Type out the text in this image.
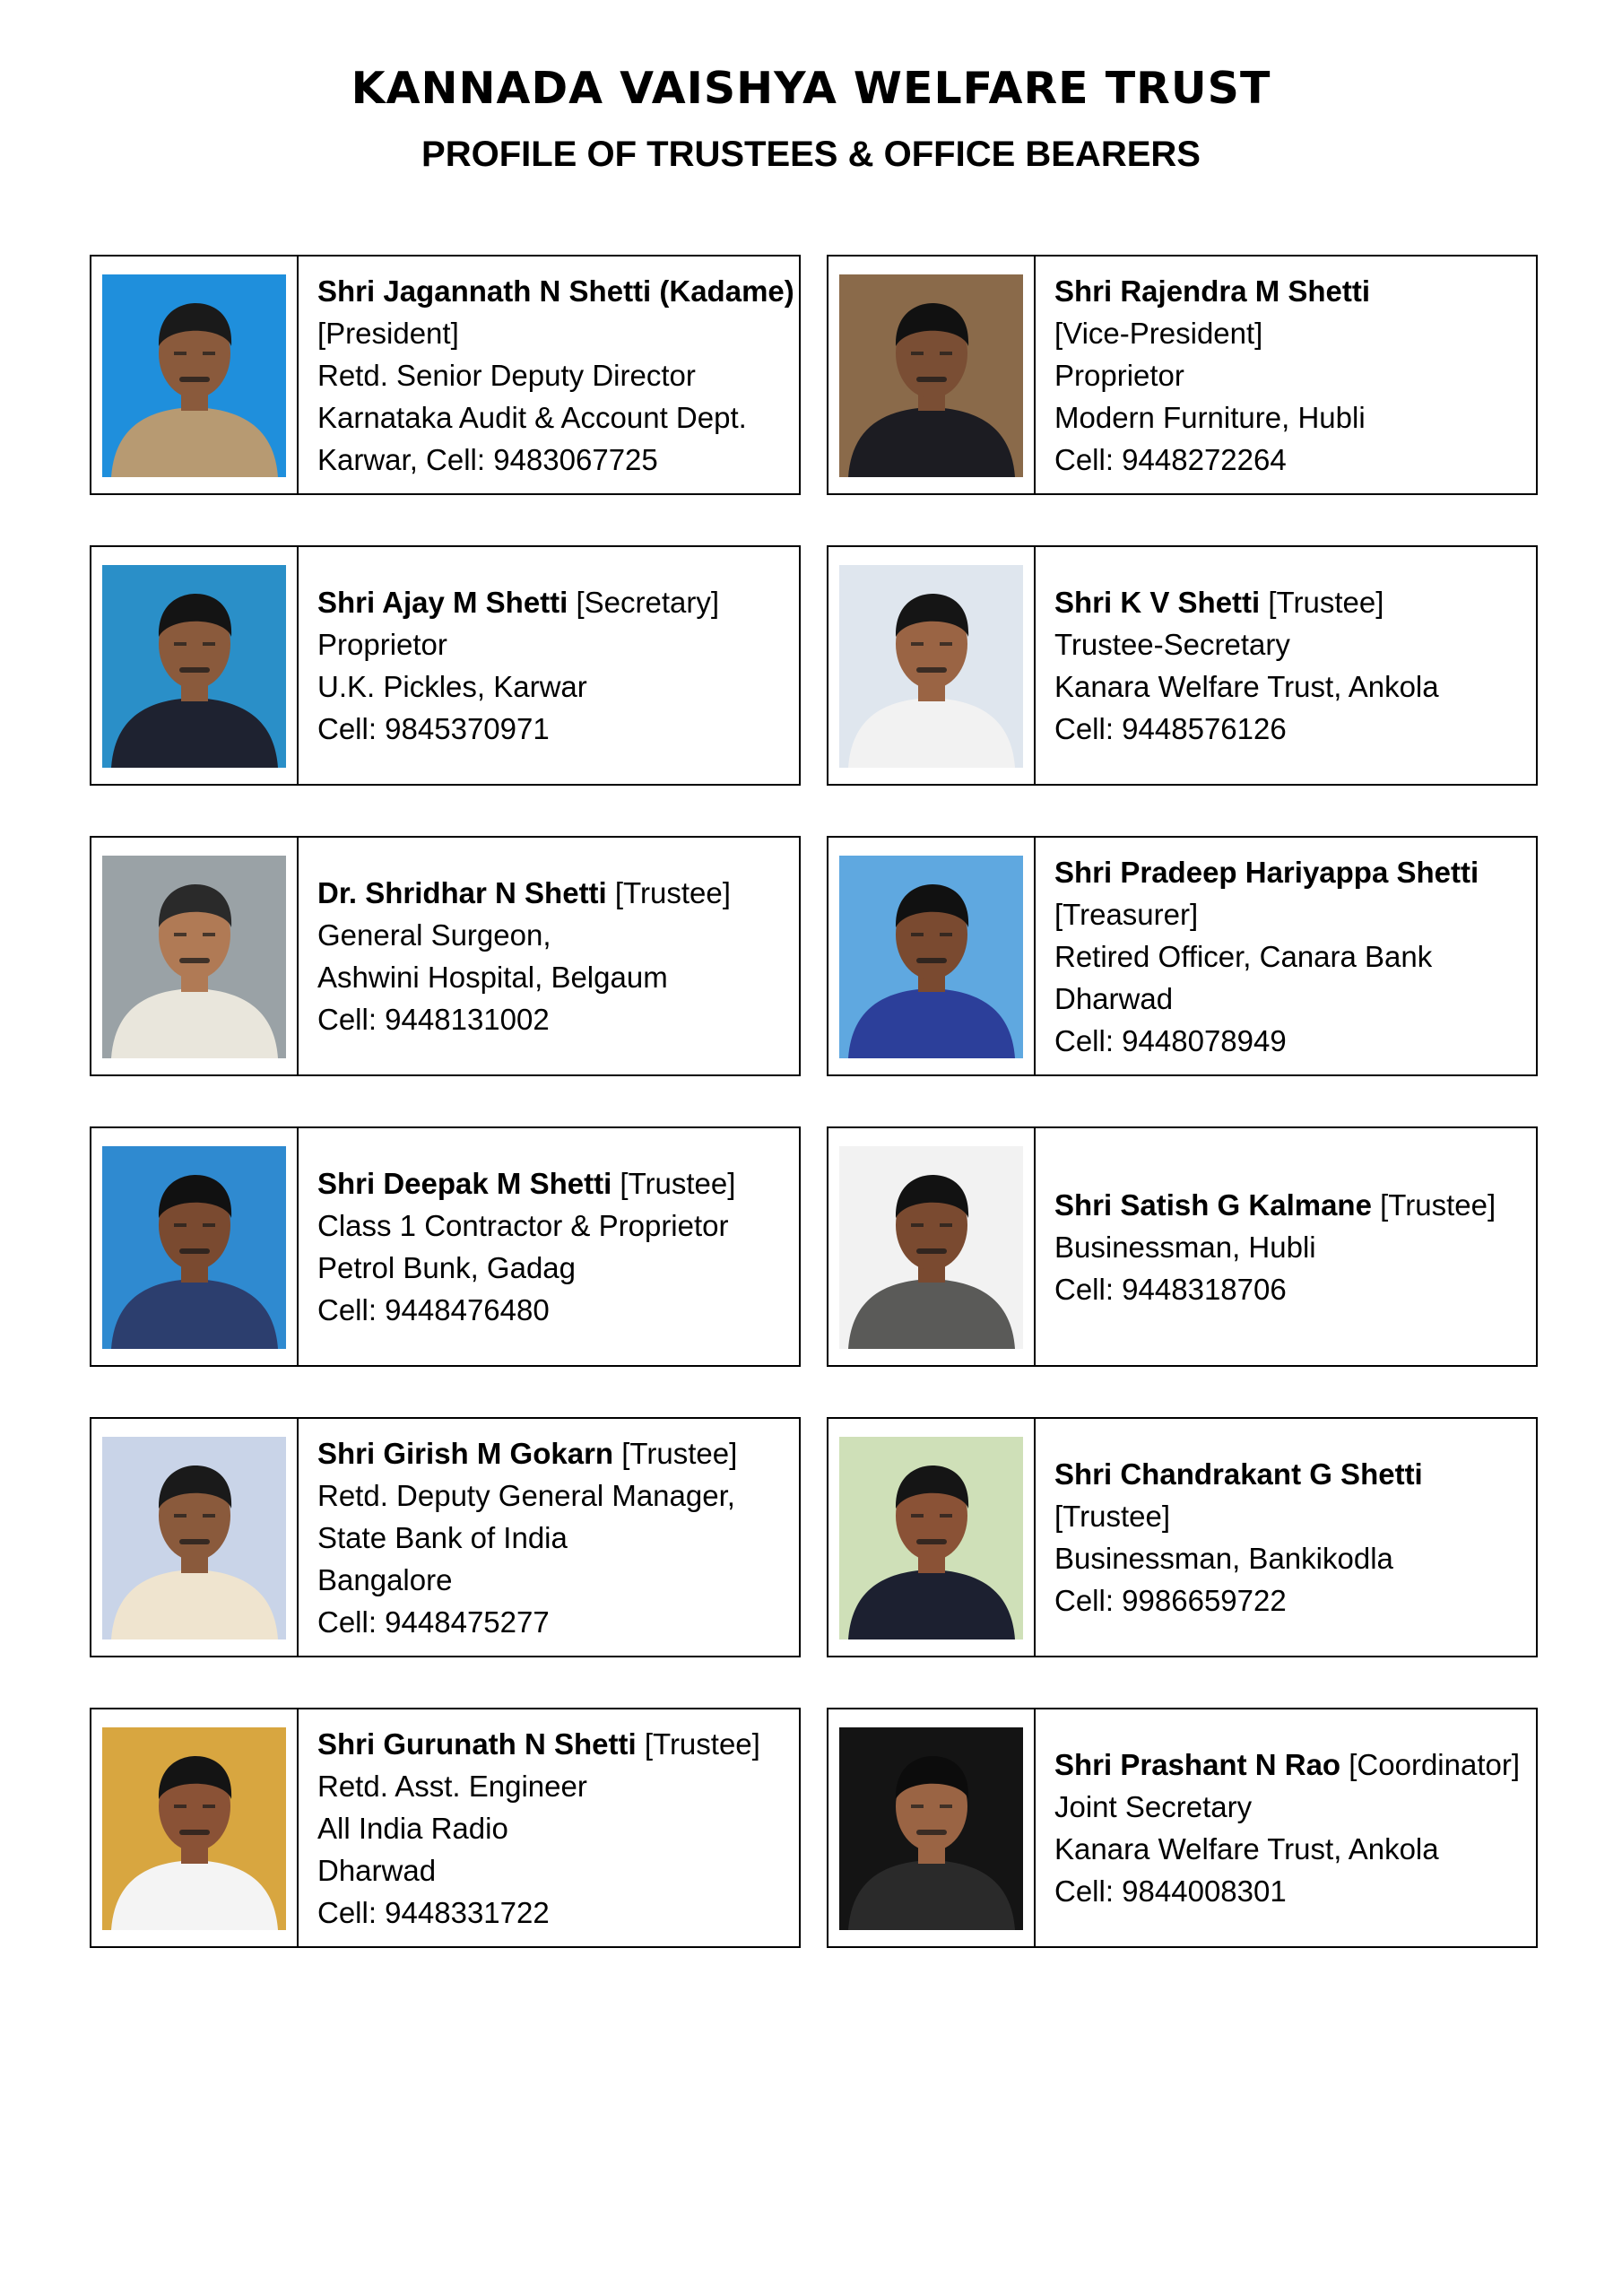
KANNADA VAISHYA WELFARE TRUST
PROFILE OF TRUSTEES & OFFICE BEARERS
Shri Jagannath N Shetti (Kadame)
[President]
Retd. Senior Deputy Director
Karnataka Audit & Account Dept.
Karwar, Cell: 9483067725
Shri Rajendra M Shetti
[Vice-President]
Proprietor
Modern Furniture, Hubli
Cell: 9448272264
Shri Ajay M Shetti [Secretary]
Proprietor
U.K. Pickles, Karwar
Cell: 9845370971
Shri K V Shetti [Trustee]
Trustee-Secretary
Kanara Welfare Trust, Ankola
Cell: 9448576126
Dr. Shridhar N Shetti [Trustee]
General Surgeon,
Ashwini Hospital, Belgaum
Cell: 9448131002
Shri Pradeep Hariyappa Shetti
[Treasurer]
Retired Officer, Canara Bank
Dharwad
Cell: 9448078949
Shri Deepak M Shetti [Trustee]
Class 1 Contractor & Proprietor
Petrol Bunk, Gadag
Cell: 9448476480
Shri Satish G Kalmane [Trustee]
Businessman, Hubli
Cell: 9448318706
Shri Girish M Gokarn [Trustee]
Retd. Deputy General Manager,
State Bank of India
Bangalore
Cell: 9448475277
Shri Chandrakant G Shetti
[Trustee]
Businessman, Bankikodla
Cell: 9986659722
Shri Gurunath N Shetti [Trustee]
Retd. Asst. Engineer
All India Radio
Dharwad
Cell: 9448331722
Shri Prashant N Rao [Coordinator]
Joint Secretary
Kanara Welfare Trust, Ankola
Cell: 9844008301
